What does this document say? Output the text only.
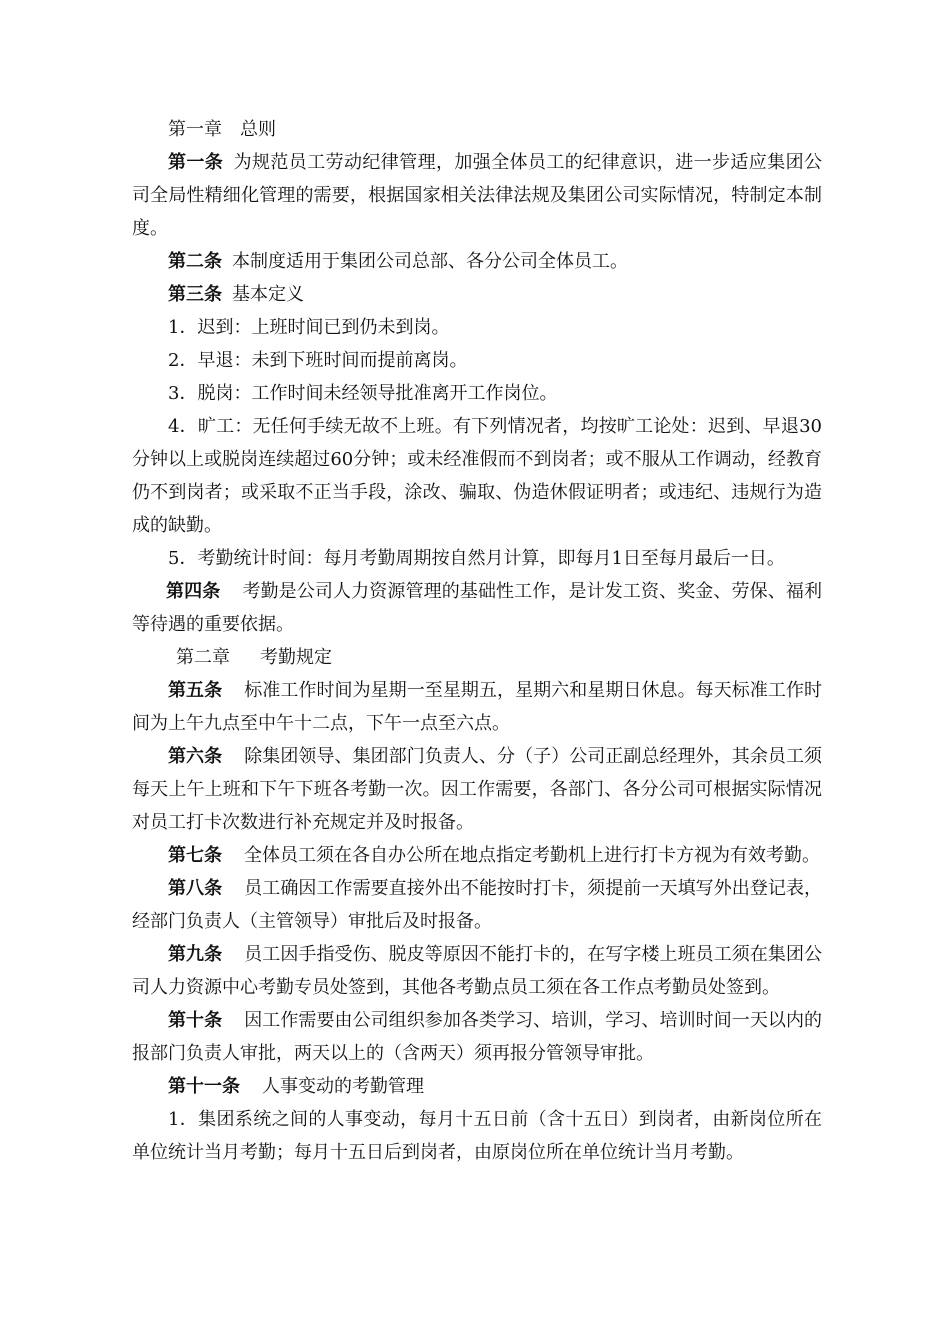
第一章 总则

第一条 为规范员工劳动纪律管理，加强全体员工的纪律意识，进一步适应集团公司全局性精细化管理的需要，根据国家相关法律法规及集团公司实际情况，特制定本制度。

第二条 本制度适用于集团公司总部、各分公司全体员工。

第三条 基本定义

1．迟到：上班时间已到仍未到岗。

2．早退：未到下班时间而提前离岗。

3．脱岗：工作时间未经领导批准离开工作岗位。

4．旷工：无任何手续无故不上班。有下列情况者，均按旷工论处：迟到、早退30分钟以上或脱岗连续超过60分钟；或未经准假而不到岗者；或不服从工作调动，经教育仍不到岗者；或采取不正当手段，涂改、骗取、伪造休假证明者；或违纪、违规行为造成的缺勤。

5．考勤统计时间：每月考勤周期按自然月计算，即每月1日至每月最后一日。

第四条 考勤是公司人力资源管理的基础性工作，是计发工资、奖金、劳保、福利等待遇的重要依据。

第二章 考勤规定

第五条 标准工作时间为星期一至星期五，星期六和星期日休息。每天标准工作时间为上午九点至中午十二点，下午一点至六点。

第六条 除集团领导、集团部门负责人、分（子）公司正副总经理外，其余员工须每天上午上班和下午下班各考勤一次。因工作需要，各部门、各分公司可根据实际情况对员工打卡次数进行补充规定并及时报备。

第七条 全体员工须在各自办公所在地点指定考勤机上进行打卡方视为有效考勤。

第八条 员工确因工作需要直接外出不能按时打卡，须提前一天填写外出登记表，经部门负责人（主管领导）审批后及时报备。

第九条 员工因手指受伤、脱皮等原因不能打卡的，在写字楼上班员工须在集团公司人力资源中心考勤专员处签到，其他各考勤点员工须在各工作点考勤员处签到。

第十条 因工作需要由公司组织参加各类学习、培训，学习、培训时间一天以内的报部门负责人审批，两天以上的（含两天）须再报分管领导审批。

第十一条 人事变动的考勤管理

1．集团系统之间的人事变动，每月十五日前（含十五日）到岗者，由新岗位所在单位统计当月考勤；每月十五日后到岗者，由原岗位所在单位统计当月考勤。
